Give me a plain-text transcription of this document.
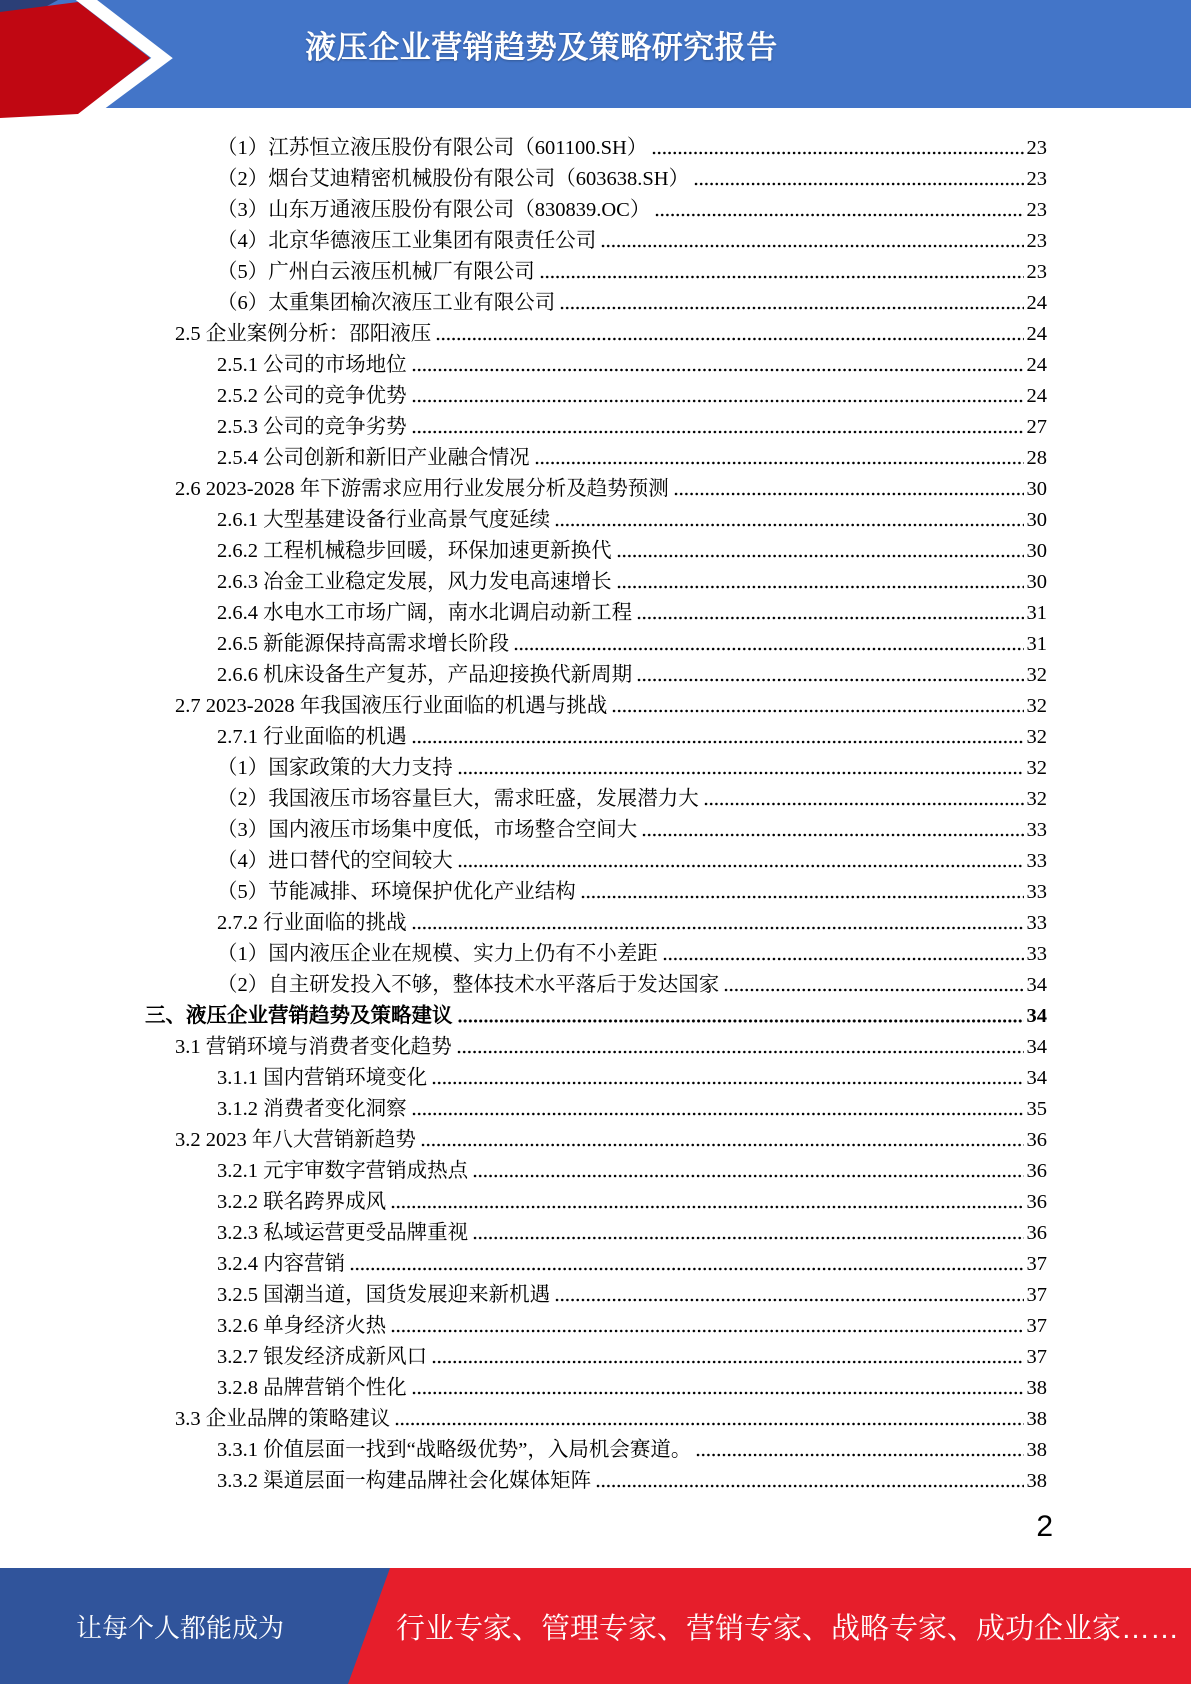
液压企业营销趋势及策略研究报告
（1）江苏恒立液压股份有限公司（601100.SH）	23
（2）烟台艾迪精密机械股份有限公司（603638.SH）	23
（3）山东万通液压股份有限公司（830839.OC）	23
（4）北京华德液压工业集团有限责任公司	23
（5）广州白云液压机械厂有限公司	23
（6）太重集团榆次液压工业有限公司	24
2.5 企业案例分析：邵阳液压	24
2.5.1 公司的市场地位	24
2.5.2 公司的竞争优势	24
2.5.3 公司的竞争劣势	27
2.5.4 公司创新和新旧产业融合情况	28
2.6 2023-2028 年下游需求应用行业发展分析及趋势预测	30
2.6.1 大型基建设备行业高景气度延续	30
2.6.2 工程机械稳步回暖，环保加速更新换代	30
2.6.3 冶金工业稳定发展，风力发电高速增长	30
2.6.4 水电水工市场广阔，南水北调启动新工程	31
2.6.5 新能源保持高需求增长阶段	31
2.6.6 机床设备生产复苏，产品迎接换代新周期	32
2.7 2023-2028 年我国液压行业面临的机遇与挑战	32
2.7.1 行业面临的机遇	32
（1）国家政策的大力支持	32
（2）我国液压市场容量巨大，需求旺盛，发展潜力大	32
（3）国内液压市场集中度低，市场整合空间大	33
（4）进口替代的空间较大	33
（5）节能减排、环境保护优化产业结构	33
2.7.2 行业面临的挑战	33
（1）国内液压企业在规模、实力上仍有不小差距	33
（2）自主研发投入不够，整体技术水平落后于发达国家	34
三、液压企业营销趋势及策略建议	34
3.1 营销环境与消费者变化趋势	34
3.1.1 国内营销环境变化	34
3.1.2 消费者变化洞察	35
3.2 2023 年八大营销新趋势	36
3.2.1 元宇审数字营销成热点	36
3.2.2 联名跨界成风	36
3.2.3 私域运营更受品牌重视	36
3.2.4 内容营销	37
3.2.5 国潮当道，国货发展迎来新机遇	37
3.2.6 单身经济火热	37
3.2.7 银发经济成新风口	37
3.2.8 品牌营销个性化	38
3.3 企业品牌的策略建议	38
3.3.1 价值层面一找到“战略级优势”，入局机会赛道。	38
3.3.2 渠道层面一构建品牌社会化媒体矩阵	38
2
让每个人都能成为	行业专家、管理专家、营销专家、战略专家、成功企业家……
